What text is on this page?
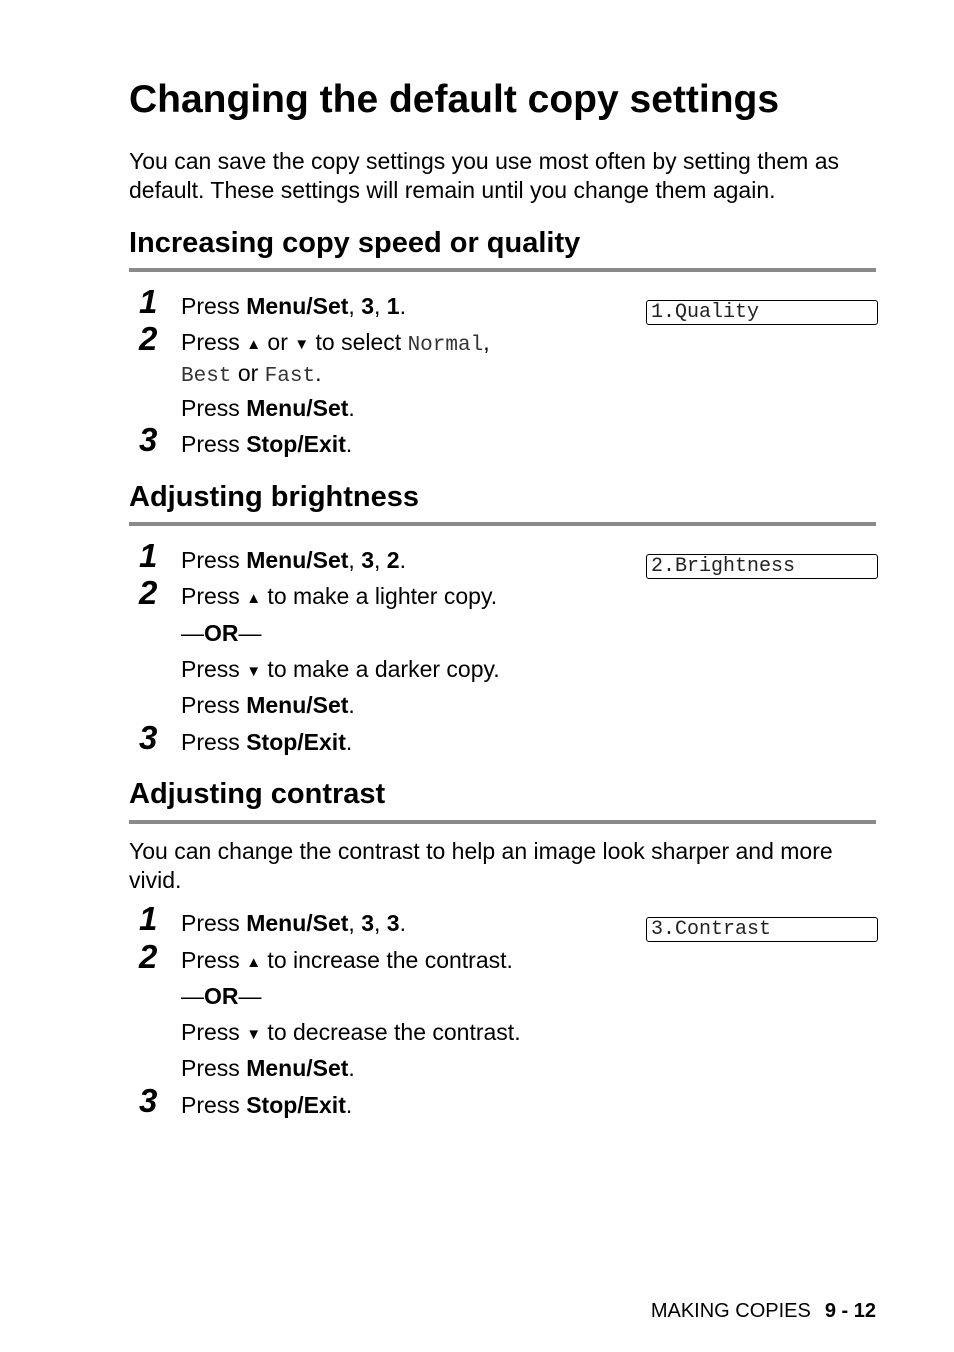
Changing the default copy settings
You can save the copy settings you use most often by setting them as default. These settings will remain until you change them again.
Increasing copy speed or quality
1.Quality
1	Press Menu/Set, 3, 1.
2	Press ▲ or ▼ to select Normal,
Best or Fast.
Press Menu/Set.
3	Press Stop/Exit.
Adjusting brightness
2.Brightness
1	Press Menu/Set, 3, 2.
2	Press ▲ to make a lighter copy.
—OR—
Press ▼ to make a darker copy.
Press Menu/Set.
3	Press Stop/Exit.
Adjusting contrast
You can change the contrast to help an image look sharper and more vivid.
3.Contrast
1	Press Menu/Set, 3, 3.
2	Press ▲ to increase the contrast.
—OR—
Press ▼ to decrease the contrast.
Press Menu/Set.
3	Press Stop/Exit.
MAKING COPIES 9 - 12
